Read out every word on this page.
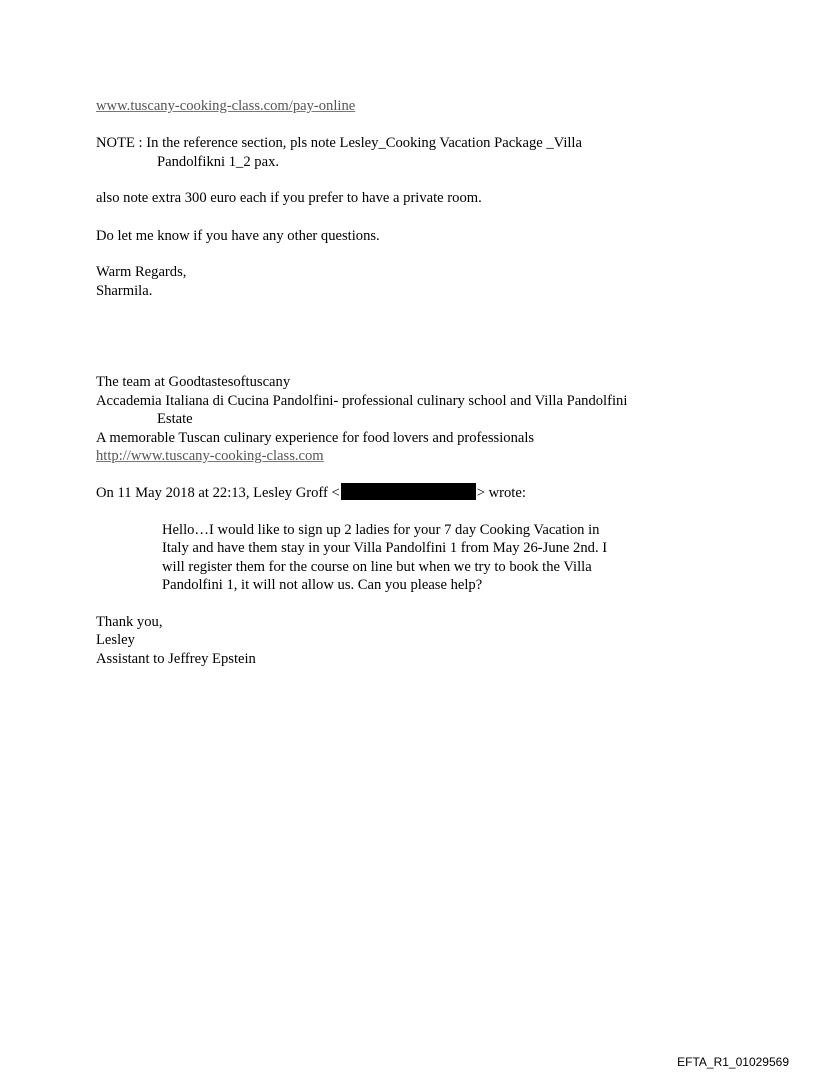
www.tuscany-cooking-class.com/pay-online
NOTE : In the reference section, pls note Lesley_Cooking Vacation Package _Villa
Pandolfikni 1_2 pax.
also note extra 300 euro each if you prefer to have a private room.
Do let me know if you have any other questions.
Warm Regards,
Sharmila.
The team at Goodtastesoftuscany
Accademia Italiana di Cucina Pandolfini- professional culinary school and Villa Pandolfini
Estate
A memorable Tuscan culinary experience for food lovers and professionals
http://www.tuscany-cooking-class.com
On 11 May 2018 at 22:13, Lesley Groff <	> wrote:
Hello…I would like to sign up 2 ladies for your 7 day Cooking Vacation in
Italy and have them stay in your Villa Pandolfini 1 from May 26-June 2nd. I
will register them for the course on line but when we try to book the Villa
Pandolfini 1, it will not allow us. Can you please help?
Thank you,
Lesley
Assistant to Jeffrey Epstein
EFTA_R1_01029569
